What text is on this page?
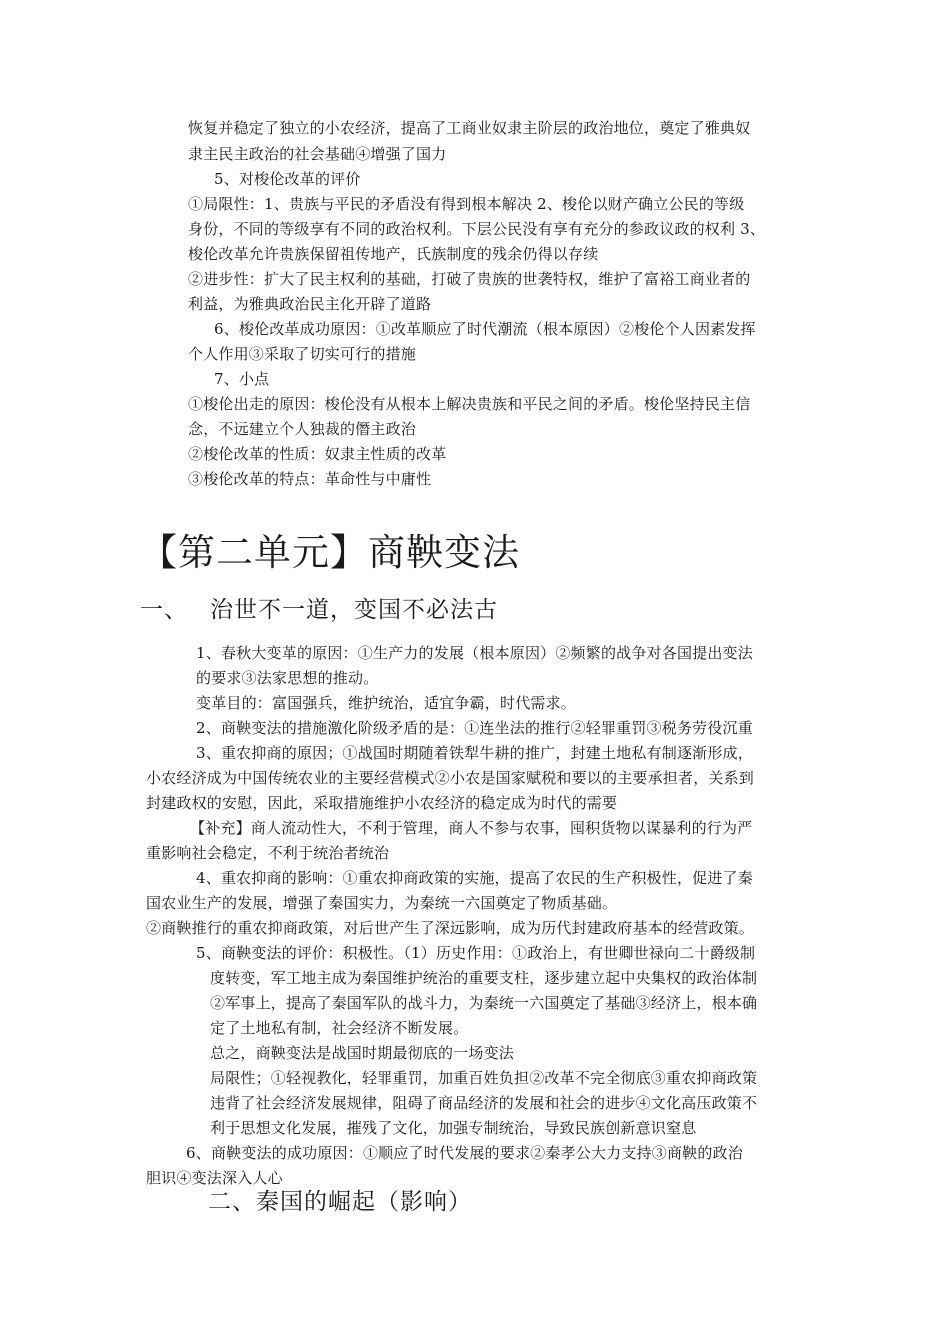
恢复并稳定了独立的小农经济，提高了工商业奴隶主阶层的政治地位，奠定了雅典奴
隶主民主政治的社会基础④增强了国力
5、对梭伦改革的评价
①局限性：1、贵族与平民的矛盾没有得到根本解决 2、梭伦以财产确立公民的等级
身份，不同的等级享有不同的政治权利。下层公民没有享有充分的参政议政的权利 3、
梭伦改革允许贵族保留祖传地产，氏族制度的残余仍得以存续
②进步性：扩大了民主权利的基础，打破了贵族的世袭特权，维护了富裕工商业者的
利益，为雅典政治民主化开辟了道路
6、梭伦改革成功原因：①改革顺应了时代潮流（根本原因）②梭伦个人因素发挥
个人作用③采取了切实可行的措施
7、小点
①梭伦出走的原因：梭伦没有从根本上解决贵族和平民之间的矛盾。梭伦坚持民主信
念，不远建立个人独裁的僭主政治
②梭伦改革的性质：奴隶主性质的改革
③梭伦改革的特点：革命性与中庸性
【第二单元】商鞅变法
一、 治世不一道，变国不必法古
1、春秋大变革的原因：①生产力的发展（根本原因）②频繁的战争对各国提出变法
的要求③法家思想的推动。
变革目的：富国强兵，维护统治，适宜争霸，时代需求。
2、商鞅变法的措施激化阶级矛盾的是：①连坐法的推行②轻罪重罚③税务劳役沉重
3、重农抑商的原因；①战国时期随着铁犁牛耕的推广，封建土地私有制逐渐形成，
小农经济成为中国传统农业的主要经营模式②小农是国家赋税和要以的主要承担者，关系到
封建政权的安慰，因此，采取措施维护小农经济的稳定成为时代的需要
【补充】商人流动性大，不利于管理，商人不参与农事，囤积货物以谋暴利的行为严
重影响社会稳定，不利于统治者统治
4、重农抑商的影响：①重农抑商政策的实施，提高了农民的生产积极性，促进了秦
国农业生产的发展，增强了秦国实力，为秦统一六国奠定了物质基础。
②商鞅推行的重农抑商政策，对后世产生了深远影响，成为历代封建政府基本的经营政策。
5、商鞅变法的评价：积极性。（1）历史作用：①政治上，有世卿世禄向二十爵级制
度转变，军工地主成为秦国维护统治的重要支柱，逐步建立起中央集权的政治体制
②军事上，提高了秦国军队的战斗力，为秦统一六国奠定了基础③经济上，根本确
定了土地私有制，社会经济不断发展。
总之，商鞅变法是战国时期最彻底的一场变法
局限性；①轻视教化，轻罪重罚，加重百姓负担②改革不完全彻底③重农抑商政策
违背了社会经济发展规律，阻碍了商品经济的发展和社会的进步④文化高压政策不
利于思想文化发展，摧残了文化，加强专制统治，导致民族创新意识窒息
6、商鞅变法的成功原因：①顺应了时代发展的要求②秦孝公大力支持③商鞅的政治
胆识④变法深入人心
二、秦国的崛起（影响）
